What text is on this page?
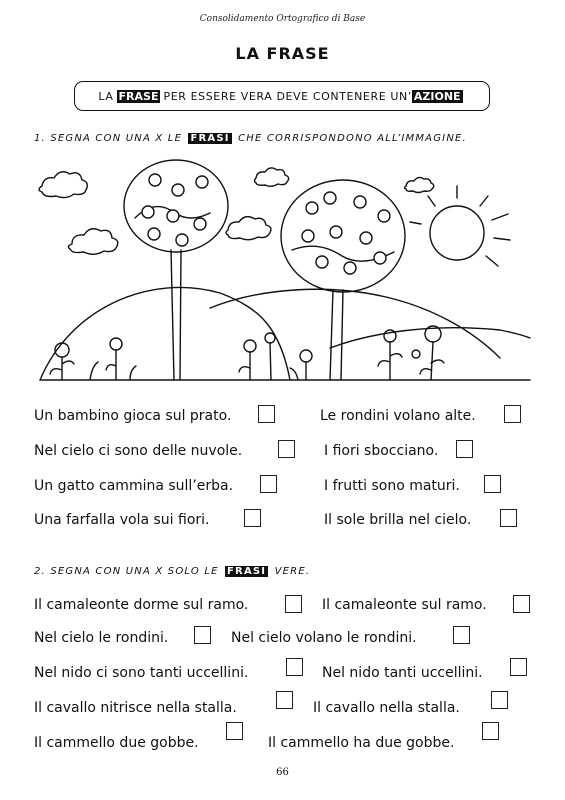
Consolidamento Ortografico di Base
LA FRASE
LA FRASE PER ESSERE VERA DEVE CONTENERE UN’ AZIONE
1. SEGNA CON UNA X LE FRASI CHE CORRISPONDONO ALL’IMMAGINE.
Un bambino gioca sul prato.	Le rondini volano alte.
Nel cielo ci sono delle nuvole.	I fiori sbocciano.
Un gatto cammina sull’erba.	I frutti sono maturi.
Una farfalla vola sui fiori.	Il sole brilla nel cielo.
2. SEGNA CON UNA X SOLO LE FRASI VERE.
Il camaleonte dorme sul ramo.	Il camaleonte sul ramo.
Nel cielo le rondini.	Nel cielo volano le rondini.
Nel nido ci sono tanti uccellini.	Nel nido tanti uccellini.
Il cavallo nitrisce nella stalla.	Il cavallo nella stalla.
Il cammello due gobbe.	Il cammello ha due gobbe.
66
